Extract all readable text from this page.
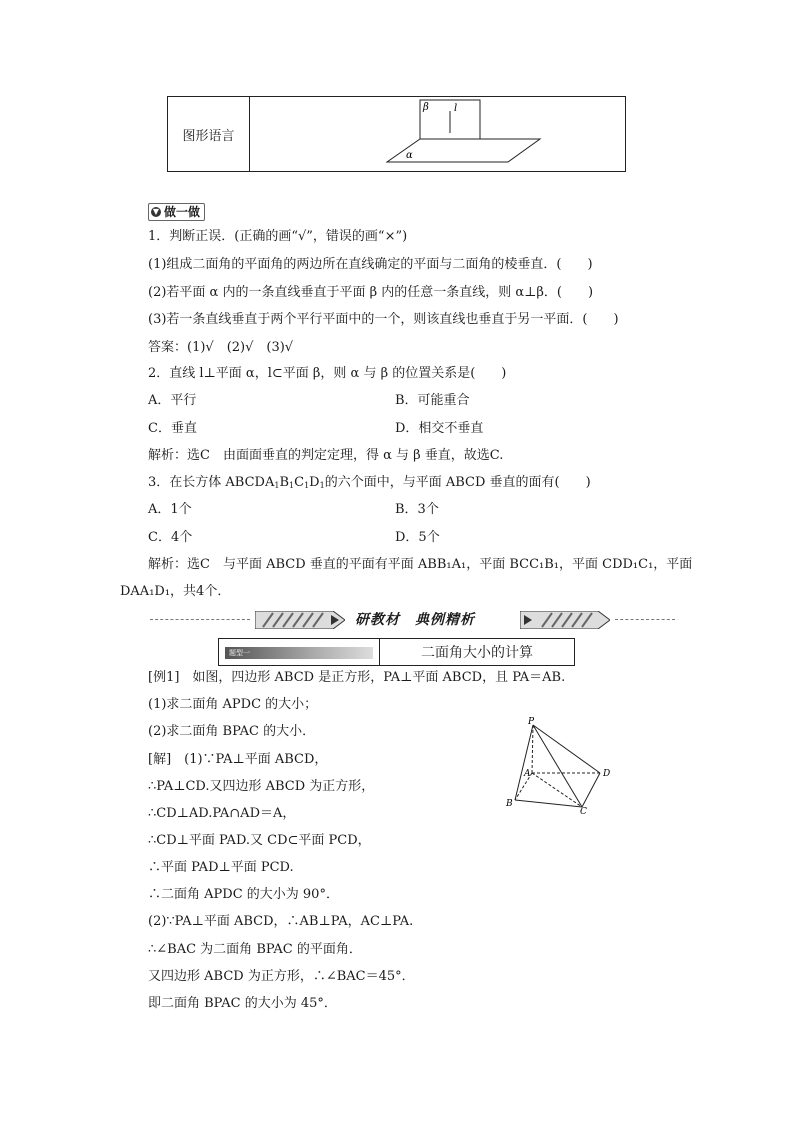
图形语言
β	l
α
▼ 做一做
1．判断正误．(正确的画“√”，错误的画“×”)
(1)组成二面角的平面角的两边所在直线确定的平面与二面角的棱垂直．(　　)
(2)若平面 α 内的一条直线垂直于平面 β 内的任意一条直线，则 α⊥β．(　　)
(3)若一条直线垂直于两个平行平面中的一个，则该直线也垂直于另一平面．(　　)
答案：(1)√　(2)√　(3)√
2．直线 l⊥平面 α，l⊂平面 β，则 α 与 β 的位置关系是(　　)
A．平行	B．可能重合
C．垂直	D．相交不垂直
解析：选C　由面面垂直的判定定理，得 α 与 β 垂直，故选C.
3．在长方体 $ABCDA_1B_1C_1D_1$的六个面中，与平面 ABCD 垂直的面有(　　)
A．1个	B．3个
C．4个	D．5个
解析：选C　与平面 ABCD 垂直的平面有平面 ABB₁A₁，平面 BCC₁B₁，平面 CDD₁C₁，平面
DAA₁D₁，共4个．
研教材　典例精析
题型一	二面角大小的计算
[例1]　如图，四边形 ABCD 是正方形，PA⊥平面 ABCD，且 PA＝AB.
(1)求二面角 APDC 的大小；
(2)求二面角 BPAC 的大小．
[解]　(1)∵PA⊥平面 ABCD，
∴PA⊥CD.又四边形 ABCD 为正方形，
∴CD⊥AD.PA∩AD＝A，
∴CD⊥平面 PAD.又 CD⊂平面 PCD，
∴平面 PAD⊥平面 PCD.
∴二面角 APDC 的大小为 90°．
(2)∵PA⊥平面 ABCD，∴AB⊥PA，AC⊥PA.
∴∠BAC 为二面角 BPAC 的平面角．
又四边形 ABCD 为正方形，∴∠BAC＝45°．
即二面角 BPAC 的大小为 45°．
P
A
B
C
D
